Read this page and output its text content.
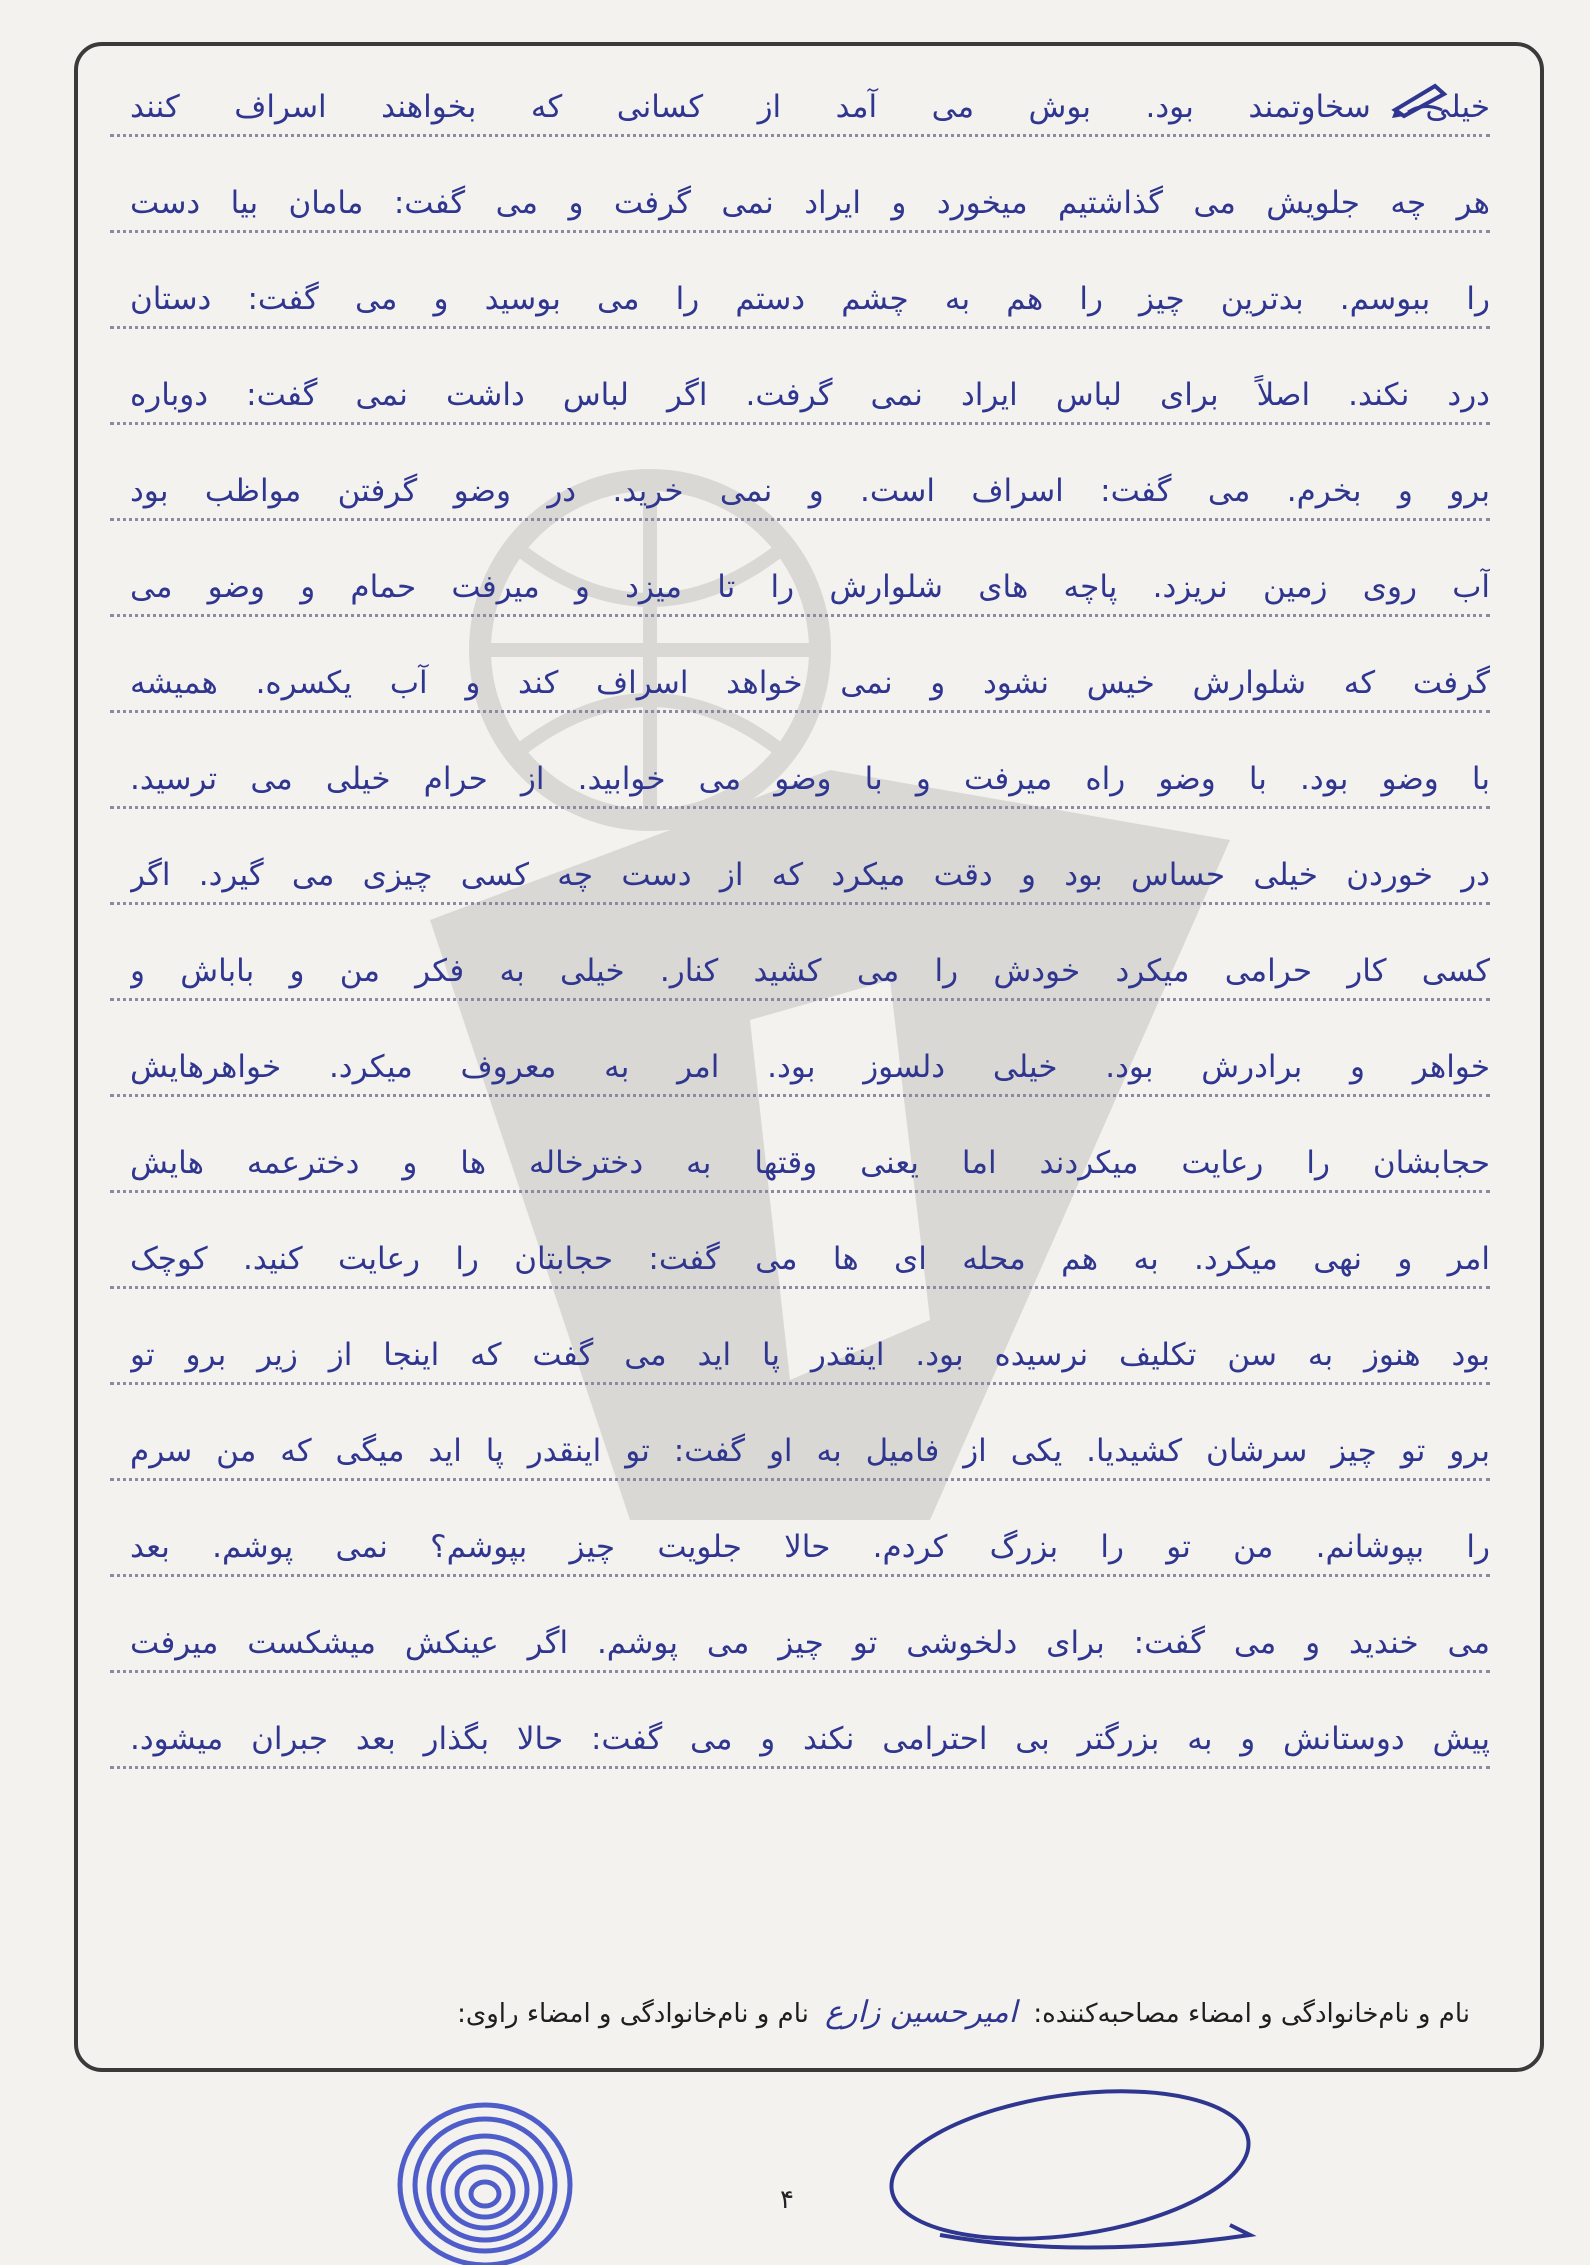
خیلی سخاوتمند بود. بوش می آمد از کسانی که بخواهند اسراف کنند
هر چه جلویش می گذاشتیم میخورد و ایراد نمی گرفت و می گفت: مامان بیا دست
را ببوسم. بدترین چیز را هم به چشم دستم را می بوسید و می گفت: دستان
درد نکند. اصلاً برای لباس ایراد نمی گرفت. اگر لباس داشت نمی گفت: دوباره
برو و بخرم. می گفت: اسراف است. و نمی خرید. در وضو گرفتن مواظب بود
آب روی زمین نریزد. پاچه های شلوارش را تا میزد و میرفت حمام و وضو می
گرفت که شلوارش خیس نشود و نمی خواهد اسراف کند و آب یکسره. همیشه
با وضو بود. با وضو راه میرفت و با وضو می خوابید. از حرام خیلی می ترسید.
در خوردن خیلی حساس بود و دقت میکرد که از دست چه کسی چیزی می گیرد. اگر
کسی کار حرامی میکرد خودش را می کشید کنار. خیلی به فکر من و باباش و
خواهر و برادرش بود. خیلی دلسوز بود. امر به معروف میکرد. خواهرهایش
حجابشان را رعایت میکردند اما یعنی وقتها به دخترخاله ها و دخترعمه هایش
امر و نهی میکرد. به هم محله ای ها می گفت: حجابتان را رعایت کنید. کوچک
بود هنوز به سن تکلیف نرسیده بود. اینقدر پا اید می گفت که اینجا از زیر برو تو
برو تو چیز سرشان کشیدیا. یکی از فامیل به او گفت: تو اینقدر پا اید میگی که من سرم
را بپوشانم. من تو را بزرگ کردم. حالا جلویت چیز بپوشم؟ نمی پوشم. بعد
می خندید و می گفت: برای دلخوشی تو چیز می پوشم. اگر عینکش میشکست میرفت
پیش دوستانش و به بزرگتر بی احترامی نکند و می گفت: حالا بگذار بعد جبران میشود.
نام و نام‌خانوادگی و امضاء مصاحبه‌کننده: امیرحسین زارع نام و نام‌خانوادگی و امضاء راوی:
۴
